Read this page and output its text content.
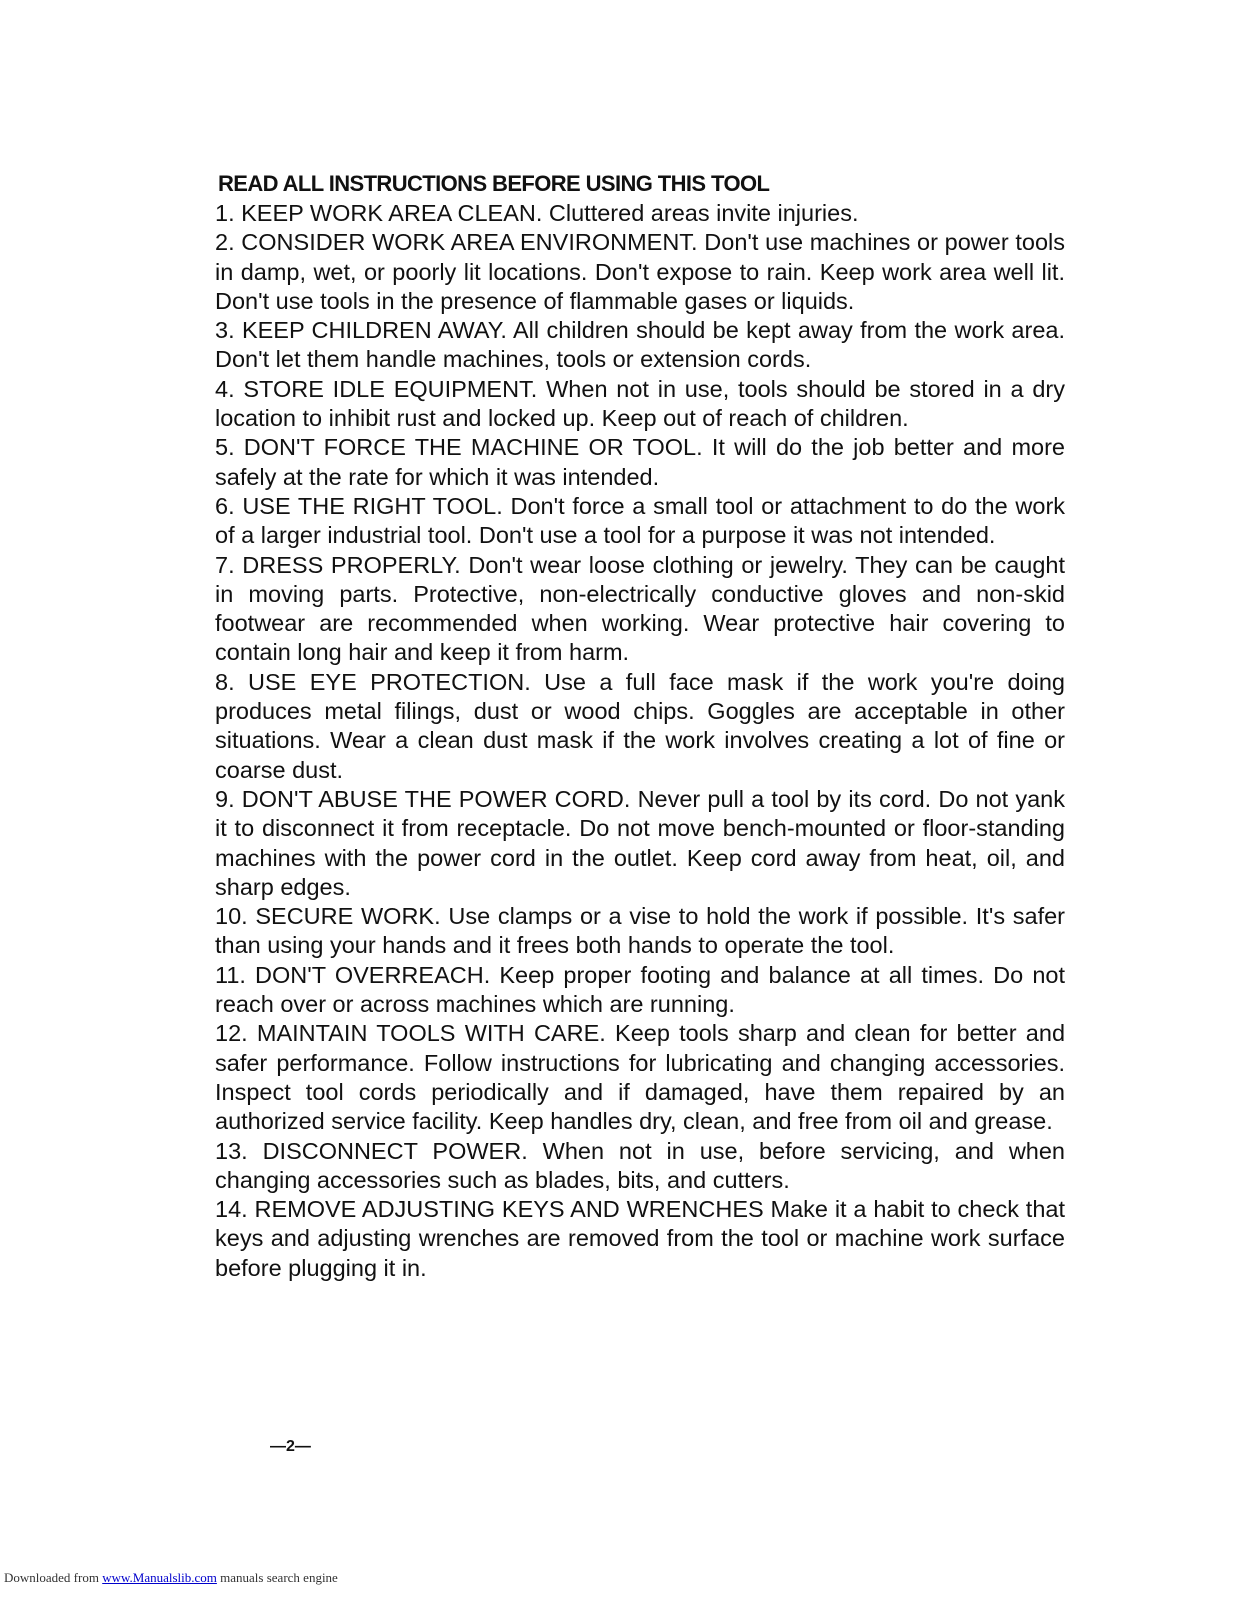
READ ALL INSTRUCTIONS BEFORE USING THIS TOOL
1. KEEP WORK AREA CLEAN. Cluttered areas invite injuries.
2. CONSIDER WORK AREA ENVIRONMENT. Don't use machines or power tools in damp, wet, or poorly lit locations. Don't expose to rain. Keep work area well lit. Don't use tools in the presence of flammable gases or liquids.
3. KEEP CHILDREN AWAY. All children should be kept away from the work area. Don't let them handle machines, tools or extension cords.
4. STORE IDLE EQUIPMENT. When not in use, tools should be stored in a dry location to inhibit rust and locked up. Keep out of reach of children.
5. DON'T FORCE THE MACHINE OR TOOL. It will do the job better and more safely at the rate for which it was intended.
6. USE THE RIGHT TOOL. Don't force a small tool or attachment to do the work of a larger industrial tool. Don't use a tool for a purpose it was not intended.
7. DRESS PROPERLY. Don't wear loose clothing or jewelry. They can be caught in moving parts. Protective, non-electrically conductive gloves and non-skid footwear are recommended when working. Wear protective hair covering to contain long hair and keep it from harm.
8. USE EYE PROTECTION. Use a full face mask if the work you're doing produces metal filings, dust or wood chips. Goggles are acceptable in other situations. Wear a clean dust mask if the work involves creating a lot of fine or coarse dust.
9. DON'T ABUSE THE POWER CORD. Never pull a tool by its cord. Do not yank it to disconnect it from receptacle. Do not move bench-mounted or floor-standing machines with the power cord in the outlet. Keep cord away from heat, oil, and sharp edges.
10. SECURE WORK. Use clamps or a vise to hold the work if possible. It's safer than using your hands and it frees both hands to operate the tool.
11. DON'T OVERREACH. Keep proper footing and balance at all times. Do not reach over or across machines which are running.
12. MAINTAIN TOOLS WITH CARE. Keep tools sharp and clean for better and safer performance. Follow instructions for lubricating and changing accessories. Inspect tool cords periodically and if damaged, have them repaired by an authorized service facility. Keep handles dry, clean, and free from oil and grease.
13. DISCONNECT POWER. When not in use, before servicing, and when changing accessories such as blades, bits, and cutters.
14. REMOVE ADJUSTING KEYS AND WRENCHES Make it a habit to check that keys and adjusting wrenches are removed from the tool or machine work surface before plugging it in.
—2—
Downloaded from www.Manualslib.com manuals search engine
